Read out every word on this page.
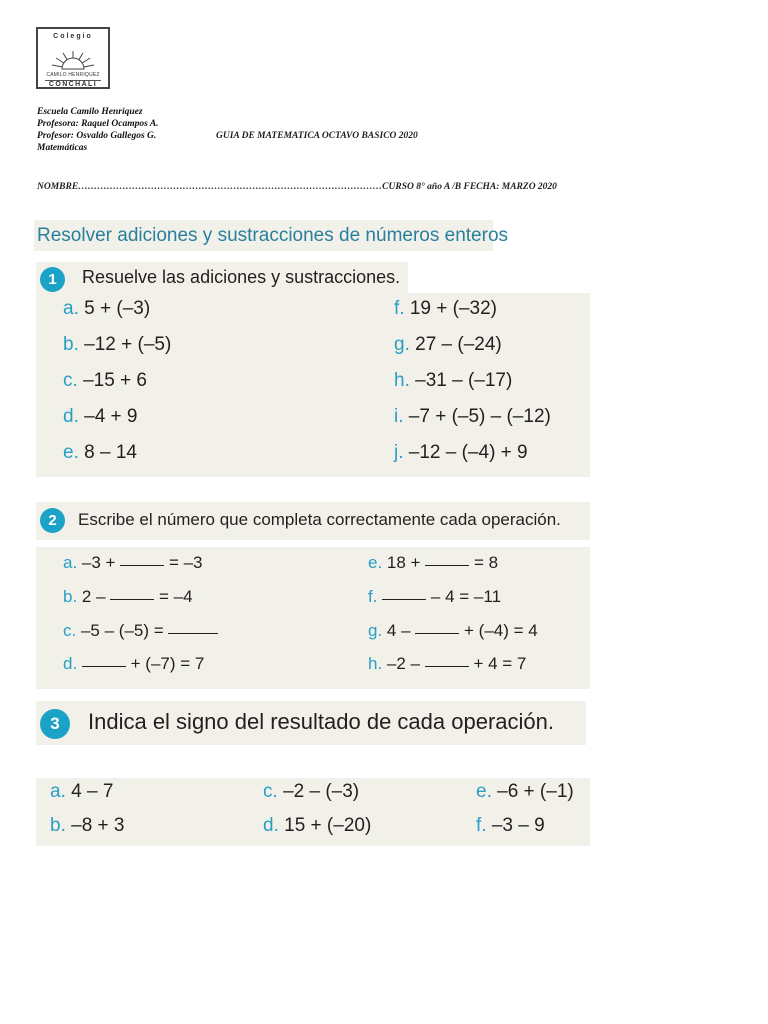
Colegio
CAMILO HENRIQUEZ
CONCHALI
Escuela Camilo Henriquez
Profesora: Raquel Ocampos A.
Profesor: Osvaldo Gallegos G.	GUIA DE MATEMATICA OCTAVO BASICO 2020
Matemáticas
NOMBRE……………………………………………………………………………………CURSO 8° año A /B FECHA: MARZO 2020
Resolver adiciones y sustracciones de números enteros
1	Resuelve las adiciones y sustracciones.
a. 5 + (–3)
b. –12 + (–5)
c. –15 + 6
d. –4 + 9
e. 8 – 14
f. 19 + (–32)
g. 27 – (–24)
h. –31 – (–17)
i. –7 + (–5) – (–12)
j. –12 – (–4) + 9
2	Escribe el número que completa correctamente cada operación.
a. –3 +	= –3
b. 2 –	= –4
c. –5 – (–5) =
d.	+ (–7) = 7
e. 18 +	= 8
f.	– 4 = –11
g. 4 –	+ (–4) = 4
h. –2 –	+ 4 = 7
3	Indica el signo del resultado de cada operación.
a. 4 – 7
b. –8 + 3
c. –2 – (–3)
d. 15 + (–20)
e. –6 + (–1)
f. –3 – 9
